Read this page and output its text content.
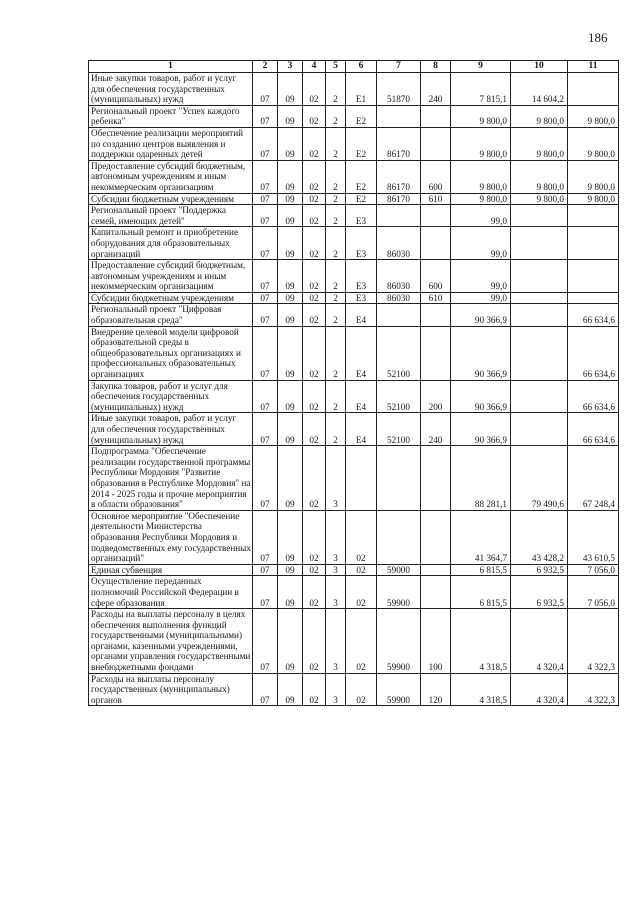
186
1	2	3	4	5	6	7	8	9	10	11
Иные закупки товаров, работ и услуг для обеспечения государственных (муниципальных) нужд	07	09	02	2	Е1	51870	240	7 815,1	14 604,2	
Региональный проект "Успех каждого ребенка"	07	09	02	2	Е2			9 800,0	9 800,0	9 800,0
Обеспечение реализации мероприятий по созданию центров выявления и поддержки одаренных детей	07	09	02	2	Е2	86170		9 800,0	9 800,0	9 800,0
Предоставление субсидий бюджетным, автономным учреждениям и иным некоммерческим организациям	07	09	02	2	Е2	86170	600	9 800,0	9 800,0	9 800,0
Субсидии бюджетным учреждениям	07	09	02	2	Е2	86170	610	9 800,0	9 800,0	9 800,0
Региональный проект "Поддержка семей, имеющих детей"	07	09	02	2	Е3			99,0		
Капитальный ремонт и приобретение оборудования для образовательных организаций	07	09	02	2	Е3	86030		99,0		
Предоставление субсидий бюджетным, автономным учреждениям и иным некоммерческим организациям	07	09	02	2	Е3	86030	600	99,0		
Субсидии бюджетным учреждениям	07	09	02	2	Е3	86030	610	99,0		
Региональный проект "Цифровая образовательная среда"	07	09	02	2	Е4			90 366,9		66 634,6
Внедрение целевой модели цифровой образовательной среды в общеобразовательных организациях и профессиональных образовательных организациях	07	09	02	2	Е4	52100		90 366,9		66 634,6
Закупка товаров, работ и услуг для обеспечения государственных (муниципальных) нужд	07	09	02	2	Е4	52100	200	90 366,9		66 634,6
Иные закупки товаров, работ и услуг для обеспечения государственных (муниципальных) нужд	07	09	02	2	Е4	52100	240	90 366,9		66 634,6
Подпрограмма "Обеспечение реализации государственной программы Республики Мордовия "Развитие образования в Республике Мордовия" на 2014 - 2025 годы и прочие мероприятия в области образования"	07	09	02	3				88 281,1	79 490,6	67 248,4
Основное мероприятие "Обеспечение деятельности Министерства образования Республики Мордовия и подведомственных ему государственных организаций"	07	09	02	3	02			41 364,7	43 428,2	43 610,5
Единая субвенция	07	09	02	3	02	59000		6 815,5	6 932,5	7 056,0
Осуществление переданных полномочий Российской Федерации в сфере образования	07	09	02	3	02	59900		6 815,5	6 932,5	7 056,0
Расходы на выплаты персоналу в целях обеспечения выполнения функций государственными (муниципальными) органами, казенными учреждениями, органами управления государственными внебюджетными фондами	07	09	02	3	02	59900	100	4 318,5	4 320,4	4 322,3
Расходы на выплаты персоналу государственных (муниципальных) органов	07	09	02	3	02	59900	120	4 318,5	4 320,4	4 322,3
